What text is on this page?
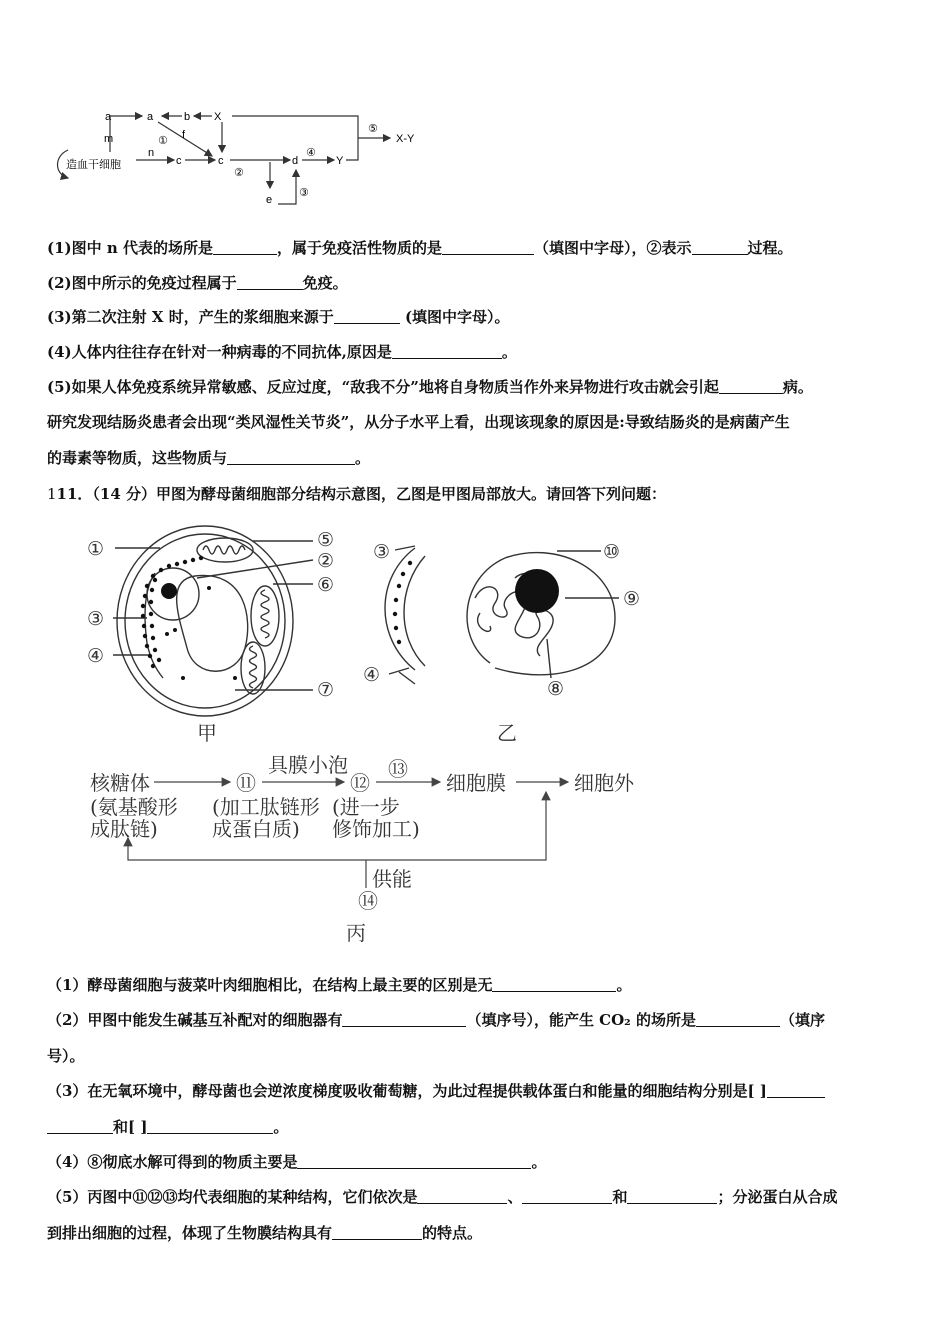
造血干细胞
m
a	a	b X
c	c	d	Y
X-Y
e
f
n
①
②
③
④
⑤
(1)图中 n 代表的场所是	，属于免疫活性物质的是	（填图中字母），②表示	过程。
(2)图中所示的免疫过程属于	免疫。
(3)第二次注射 X 时，产生的浆细胞来源于	(填图中字母）。
(4)人体内往往存在针对一种病毒的不同抗体,原因是	。
(5)如果人体免疫系统异常敏感、反应过度，“敌我不分”地将自身物质当作外来异物进行攻击就会引起	病。
研究发现结肠炎患者会出现“类风湿性关节炎”，从分子水平上看，出现该现象的原因是:导致结肠炎的是病菌产生
的毒素等物质，这些物质与	。
111．（14 分）甲图为酵母菌细胞部分结构示意图，乙图是甲图局部放大。请回答下列问题：
①	⑤
②
⑥
③
④
⑦
③	⑩
⑨
④
⑧
甲	乙
核糖体
(氨基酸形
成肽链)
⑪
(加工肽链形
成蛋白质)
具膜小泡
⑫
⑬
(进一步
修饰加工)
细胞膜	细胞外
供能
⑭
丙
（1）酵母菌细胞与菠菜叶肉细胞相比，在结构上最主要的区别是无	。
（2）甲图中能发生碱基互补配对的细胞器有	（填序号），能产生 CO₂ 的场所是	（填序
号）。
（3）在无氧环境中，酵母菌也会逆浓度梯度吸收葡萄糖，为此过程提供载体蛋白和能量的细胞结构分别是[ ]
和[ ]	。
（4）⑧彻底水解可得到的物质主要是	。
（5）丙图中⑪⑫⑬均代表细胞的某种结构，它们依次是	、	和	；分泌蛋白从合成
到排出细胞的过程，体现了生物膜结构具有	的特点。
